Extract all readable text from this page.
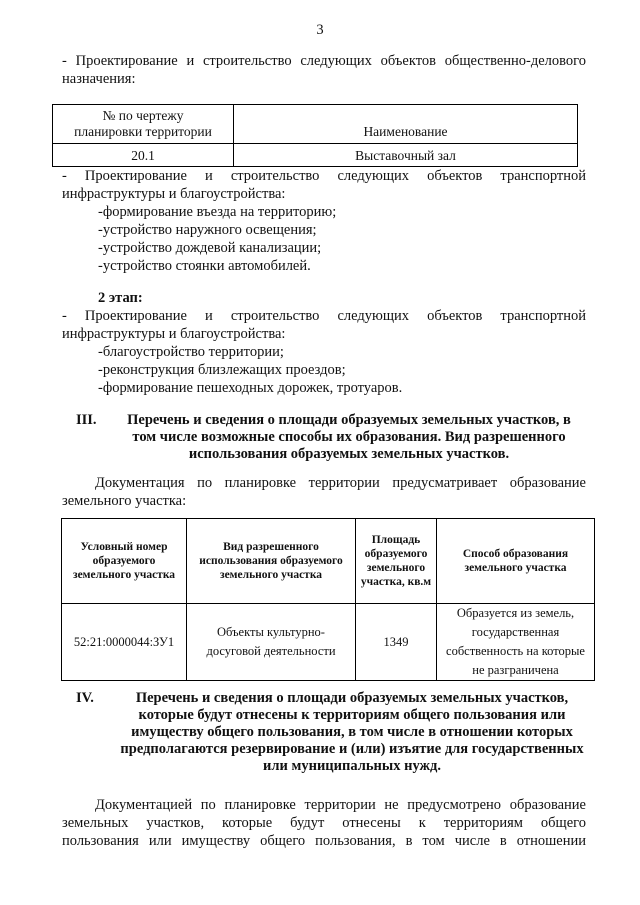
3
- Проектирование и строительство следующих объектов общественно-делового
назначения:
№ по чертежу
планировки территории	Наименование
20.1	Выставочный зал
- Проектирование и строительство следующих объектов транспортной
инфраструктуры и благоустройства:
-формирование въезда на территорию;
-устройство наружного освещения;
-устройство дождевой канализации;
-устройство стоянки автомобилей.
2 этап:
- Проектирование и строительство следующих объектов транспортной
инфраструктуры и благоустройства:
-благоустройство территории;
-реконструкция близлежащих проездов;
-формирование пешеходных дорожек, тротуаров.
III.	Перечень и сведения о площади образуемых земельных участков, в
том числе возможные способы их образования. Вид разрешенного
использования образуемых земельных участков.
Документация по планировке территории предусматривает образование
земельного участка:
Условный номер образуемого земельного участка	Вид разрешенного использования образуемого земельного участка	Площадь образуемого земельного участка, кв.м	Способ образования земельного участка
52:21:0000044:ЗУ1	Объекты культурно-досуговой деятельности	1349	Образуется из земель, государственная собственность на которые не разграничена
IV.	Перечень и сведения о площади образуемых земельных участков,
которые будут отнесены к территориям общего пользования или
имуществу общего пользования, в том числе в отношении которых
предполагаются резервирование и (или) изъятие для государственных
или муниципальных нужд.
Документацией по планировке территории не предусмотрено образование
земельных участков, которые будут отнесены к территориям общего
пользования или имуществу общего пользования, в том числе в отношении
